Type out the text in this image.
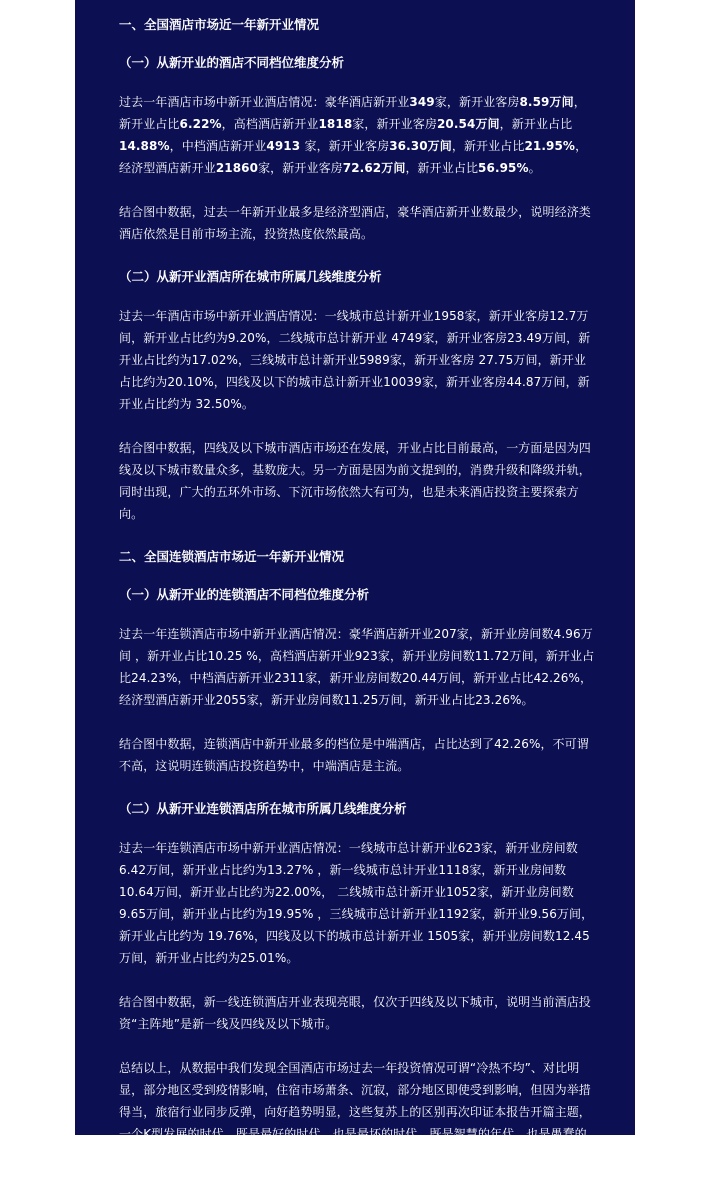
一、全国酒店市场近一年新开业情况
（一）从新开业的酒店不同档位维度分析
过去一年酒店市场中新开业酒店情况：豪华酒店新开业349家，新开业客房8.59万间，新开业占比6.22%，高档酒店新开业1818家，新开业客房20.54万间，新开业占比 14.88%，中档酒店新开业4913 家，新开业客房36.30万间，新开业占比21.95%，经济型酒店新开业21860家，新开业客房72.62万间，新开业占比56.95%。
结合图中数据，过去一年新开业最多是经济型酒店，豪华酒店新开业数最少，说明经济类酒店依然是目前市场主流，投资热度依然最高。
（二）从新开业酒店所在城市所属几线维度分析
过去一年酒店市场中新开业酒店情况：一线城市总计新开业1958家，新开业客房12.7万间，新开业占比约为9.20%，二线城市总计新开业 4749家，新开业客房23.49万间，新开业占比约为17.02%，三线城市总计新开业5989家，新开业客房 27.75万间，新开业占比约为20.10%，四线及以下的城市总计新开业10039家，新开业客房44.87万间，新开业占比约为 32.50%。
结合图中数据，四线及以下城市酒店市场还在发展，开业占比目前最高，一方面是因为四线及以下城市数量众多，基数庞大。另一方面是因为前文提到的，消费升级和降级并轨，同时出现，广大的五环外市场、下沉市场依然大有可为，也是未来酒店投资主要探索方向。
二、全国连锁酒店市场近一年新开业情况
（一）从新开业的连锁酒店不同档位维度分析
过去一年连锁酒店市场中新开业酒店情况：豪华酒店新开业207家，新开业房间数4.96万间 ，新开业占比10.25 %，高档酒店新开业923家，新开业房间数11.72万间，新开业占比24.23%，中档酒店新开业2311家，新开业房间数20.44万间，新开业占比42.26%，经济型酒店新开业2055家，新开业房间数11.25万间，新开业占比23.26%。
结合图中数据，连锁酒店中新开业最多的档位是中端酒店，占比达到了42.26%，不可谓不高，这说明连锁酒店投资趋势中，中端酒店是主流。
（二）从新开业连锁酒店所在城市所属几线维度分析
过去一年连锁酒店市场中新开业酒店情况：一线城市总计新开业623家，新开业房间数6.42万间，新开业占比约为13.27% ，新一线城市总计开业1118家，新开业房间数10.64万间，新开业占比约为22.00%， 二线城市总计新开业1052家，新开业房间数9.65万间，新开业占比约为19.95% ，三线城市总计新开业1192家，新开业9.56万间，新开业占比约为 19.76%，四线及以下的城市总计新开业 1505家，新开业房间数12.45万间，新开业占比约为25.01%。
结合图中数据，新一线连锁酒店开业表现亮眼，仅次于四线及以下城市，说明当前酒店投资“主阵地”是新一线及四线及以下城市。
总结以上，从数据中我们发现全国酒店市场过去一年投资情况可谓“冷热不均”、对比明显，部分地区受到疫情影响，住宿市场萧条、沉寂，部分地区即使受到影响，但因为举措得当，旅宿行业同步反弹，向好趋势明显，这些复苏上的区别再次印证本报告开篇主题，一个K型发展的时代，既是最好的时代，也是最坏的时代，既是智慧的年代，也是愚蠢的年代；既是希望之春，也是绝望之冬”。
